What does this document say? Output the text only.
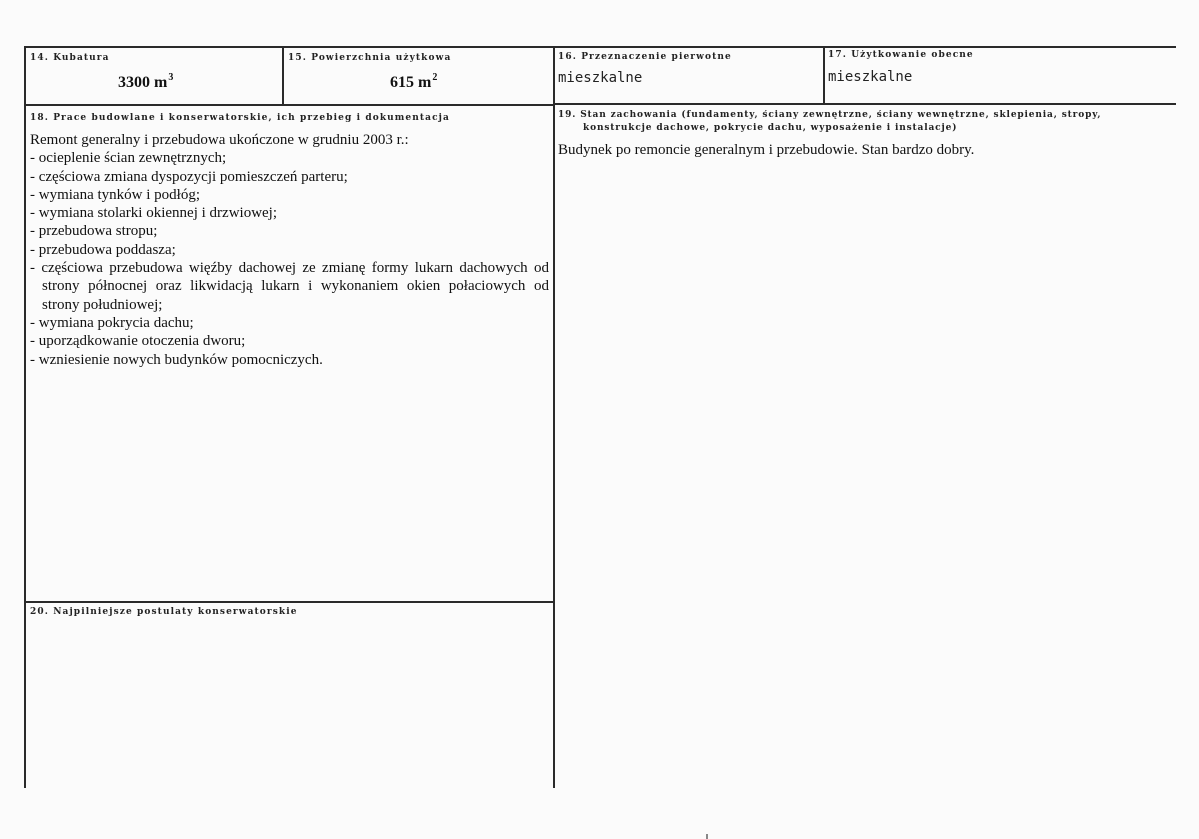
14. Kubatura
3300 $m^3$
15. Powierzchnia użytkowa
615 $m^2$
16. Przeznaczenie pierwotne
mieszkalne
17. Użytkowanie obecne
mieszkalne
18. Prace budowlane i konserwatorskie, ich przebieg i dokumentacja
Remont generalny i przebudowa ukończone w grudniu 2003 r.:
- ocieplenie ścian zewnętrznych;
- częściowa zmiana dyspozycji pomieszczeń parteru;
- wymiana tynków i podłóg;
- wymiana stolarki okiennej i drzwiowej;
- przebudowa stropu;
- przebudowa poddasza;
- częściowa przebudowa więźby dachowej ze zmianę formy lukarn dachowych od
strony północnej oraz likwidacją lukarn i wykonaniem okien połaciowych od
strony południowej;
- wymiana pokrycia dachu;
- uporządkowanie otoczenia dworu;
- wzniesienie nowych budynków pomocniczych.
19. Stan zachowania (fundamenty, ściany zewnętrzne, ściany wewnętrzne, sklepienia, stropy,
konstrukcje dachowe, pokrycie dachu, wyposażenie i instalacje)
Budynek po remoncie generalnym i przebudowie. Stan bardzo dobry.
20. Najpilniejsze postulaty konserwatorskie
